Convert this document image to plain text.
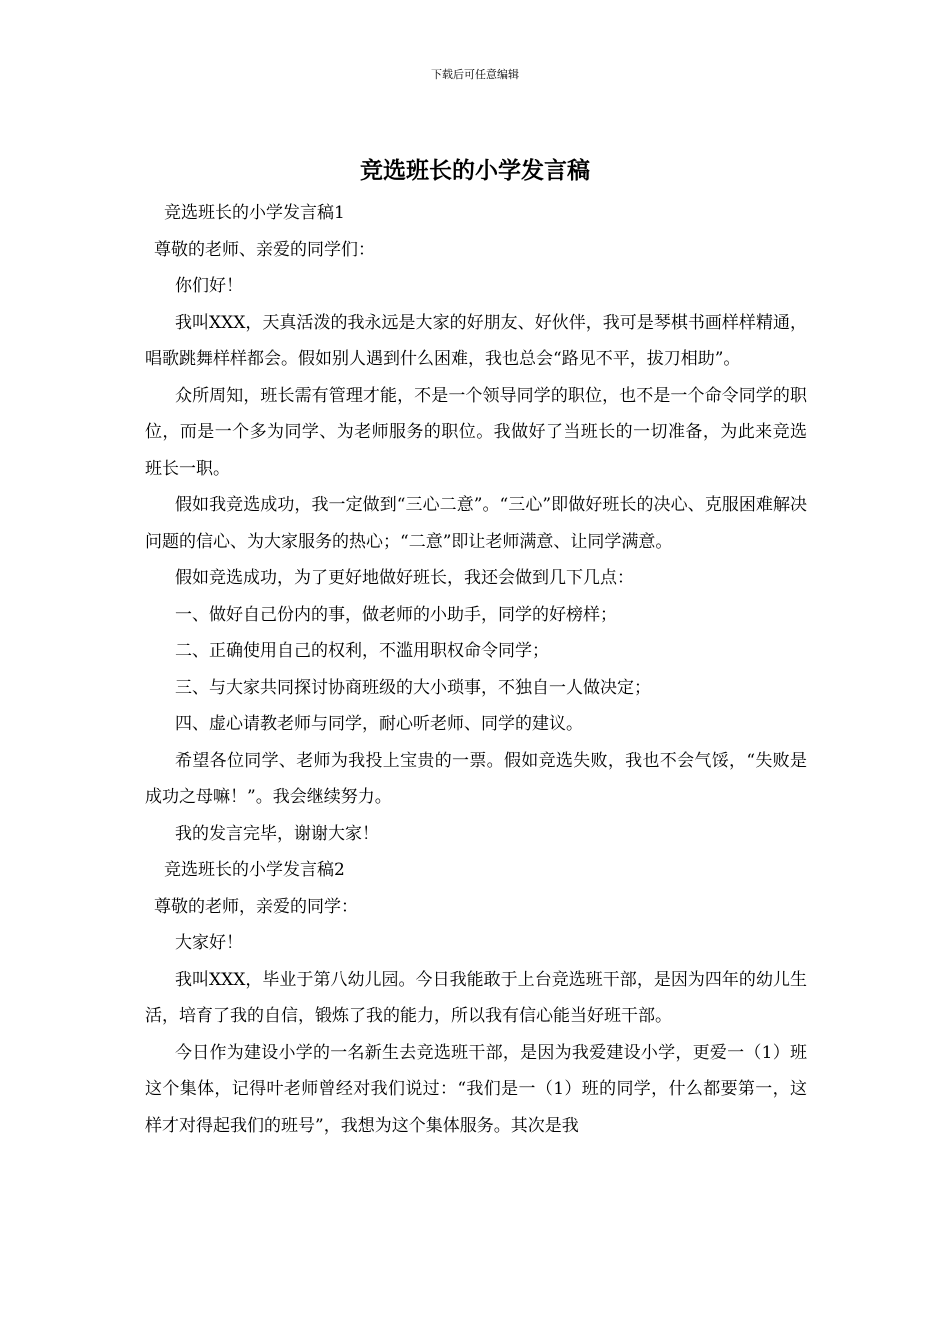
下载后可任意编辑
竞选班长的小学发言稿

竞选班长的小学发言稿1

尊敬的老师、亲爱的同学们：

你们好！

我叫XXX，天真活泼的我永远是大家的好朋友、好伙伴，我可是琴棋书画样样精通，唱歌跳舞样样都会。假如别人遇到什么困难，我也总会“路见不平，拔刀相助”。

众所周知，班长需有管理才能，不是一个领导同学的职位，也不是一个命令同学的职位，而是一个多为同学、为老师服务的职位。我做好了当班长的一切准备，为此来竞选班长一职。

假如我竞选成功，我一定做到“三心二意”。“三心”即做好班长的决心、克服困难解决问题的信心、为大家服务的热心；“二意”即让老师满意、让同学满意。

假如竞选成功，为了更好地做好班长，我还会做到几下几点：

一、做好自己份内的事，做老师的小助手，同学的好榜样；

二、正确使用自己的权利，不滥用职权命令同学；

三、与大家共同探讨协商班级的大小琐事，不独自一人做决定；

四、虚心请教老师与同学，耐心听老师、同学的建议。

希望各位同学、老师为我投上宝贵的一票。假如竞选失败，我也不会气馁，“失败是成功之母嘛！”。我会继续努力。

我的发言完毕，谢谢大家！

竞选班长的小学发言稿2

尊敬的老师，亲爱的同学：

大家好！

我叫XXX，毕业于第八幼儿园。今日我能敢于上台竞选班干部，是因为四年的幼儿生活，培育了我的自信，锻炼了我的能力，所以我有信心能当好班干部。

今日作为建设小学的一名新生去竞选班干部，是因为我爱建设小学，更爱一（1）班这个集体，记得叶老师曾经对我们说过：“我们是一（1）班的同学，什么都要第一，这样才对得起我们的班号”，我想为这个集体服务。其次是我
